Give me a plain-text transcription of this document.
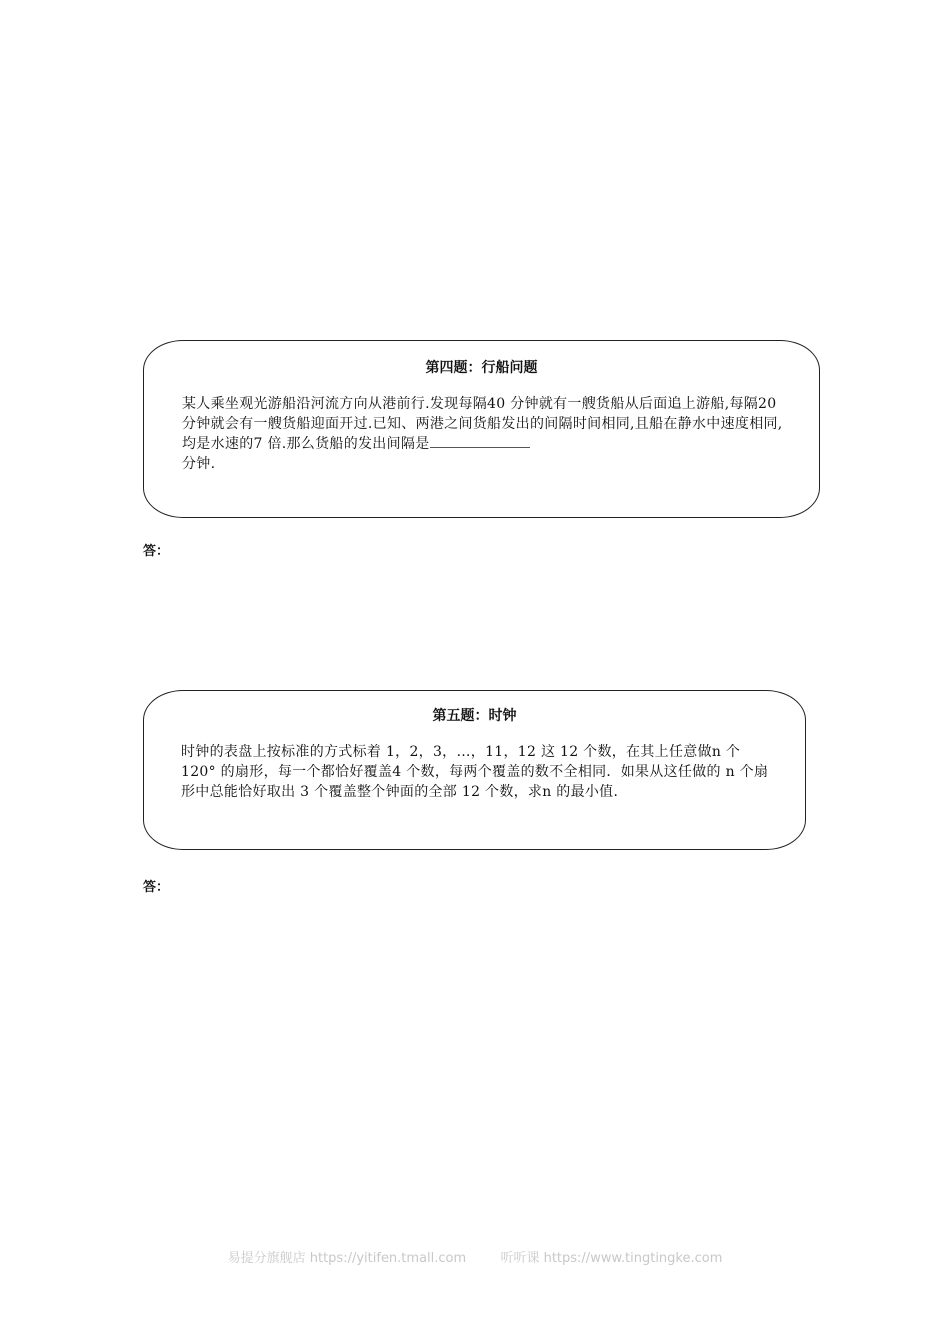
第四题：行船问题
某人乘坐观光游船沿河流方向从港前行.发现每隔40 分钟就有一艘货船从后面追上游船,每隔20 分钟就会有一艘货船迎面开过.已知、两港之间货船发出的间隔时间相同,且船在静水中速度相同,均是水速的7 倍.那么货船的发出间隔是
分钟.
答：
第五题：时钟
时钟的表盘上按标准的方式标着 1，2，3，…，11，12 这 12 个数，在其上任意做n 个 120° 的扇形，每一个都恰好覆盖4 个数，每两个覆盖的数不全相同．如果从这任做的 n 个扇形中总能恰好取出 3 个覆盖整个钟面的全部 12 个数，求n 的最小值．
答：
易提分旗舰店 https://yitifen.tmall.com	听听课 https://www.tingtingke.com
